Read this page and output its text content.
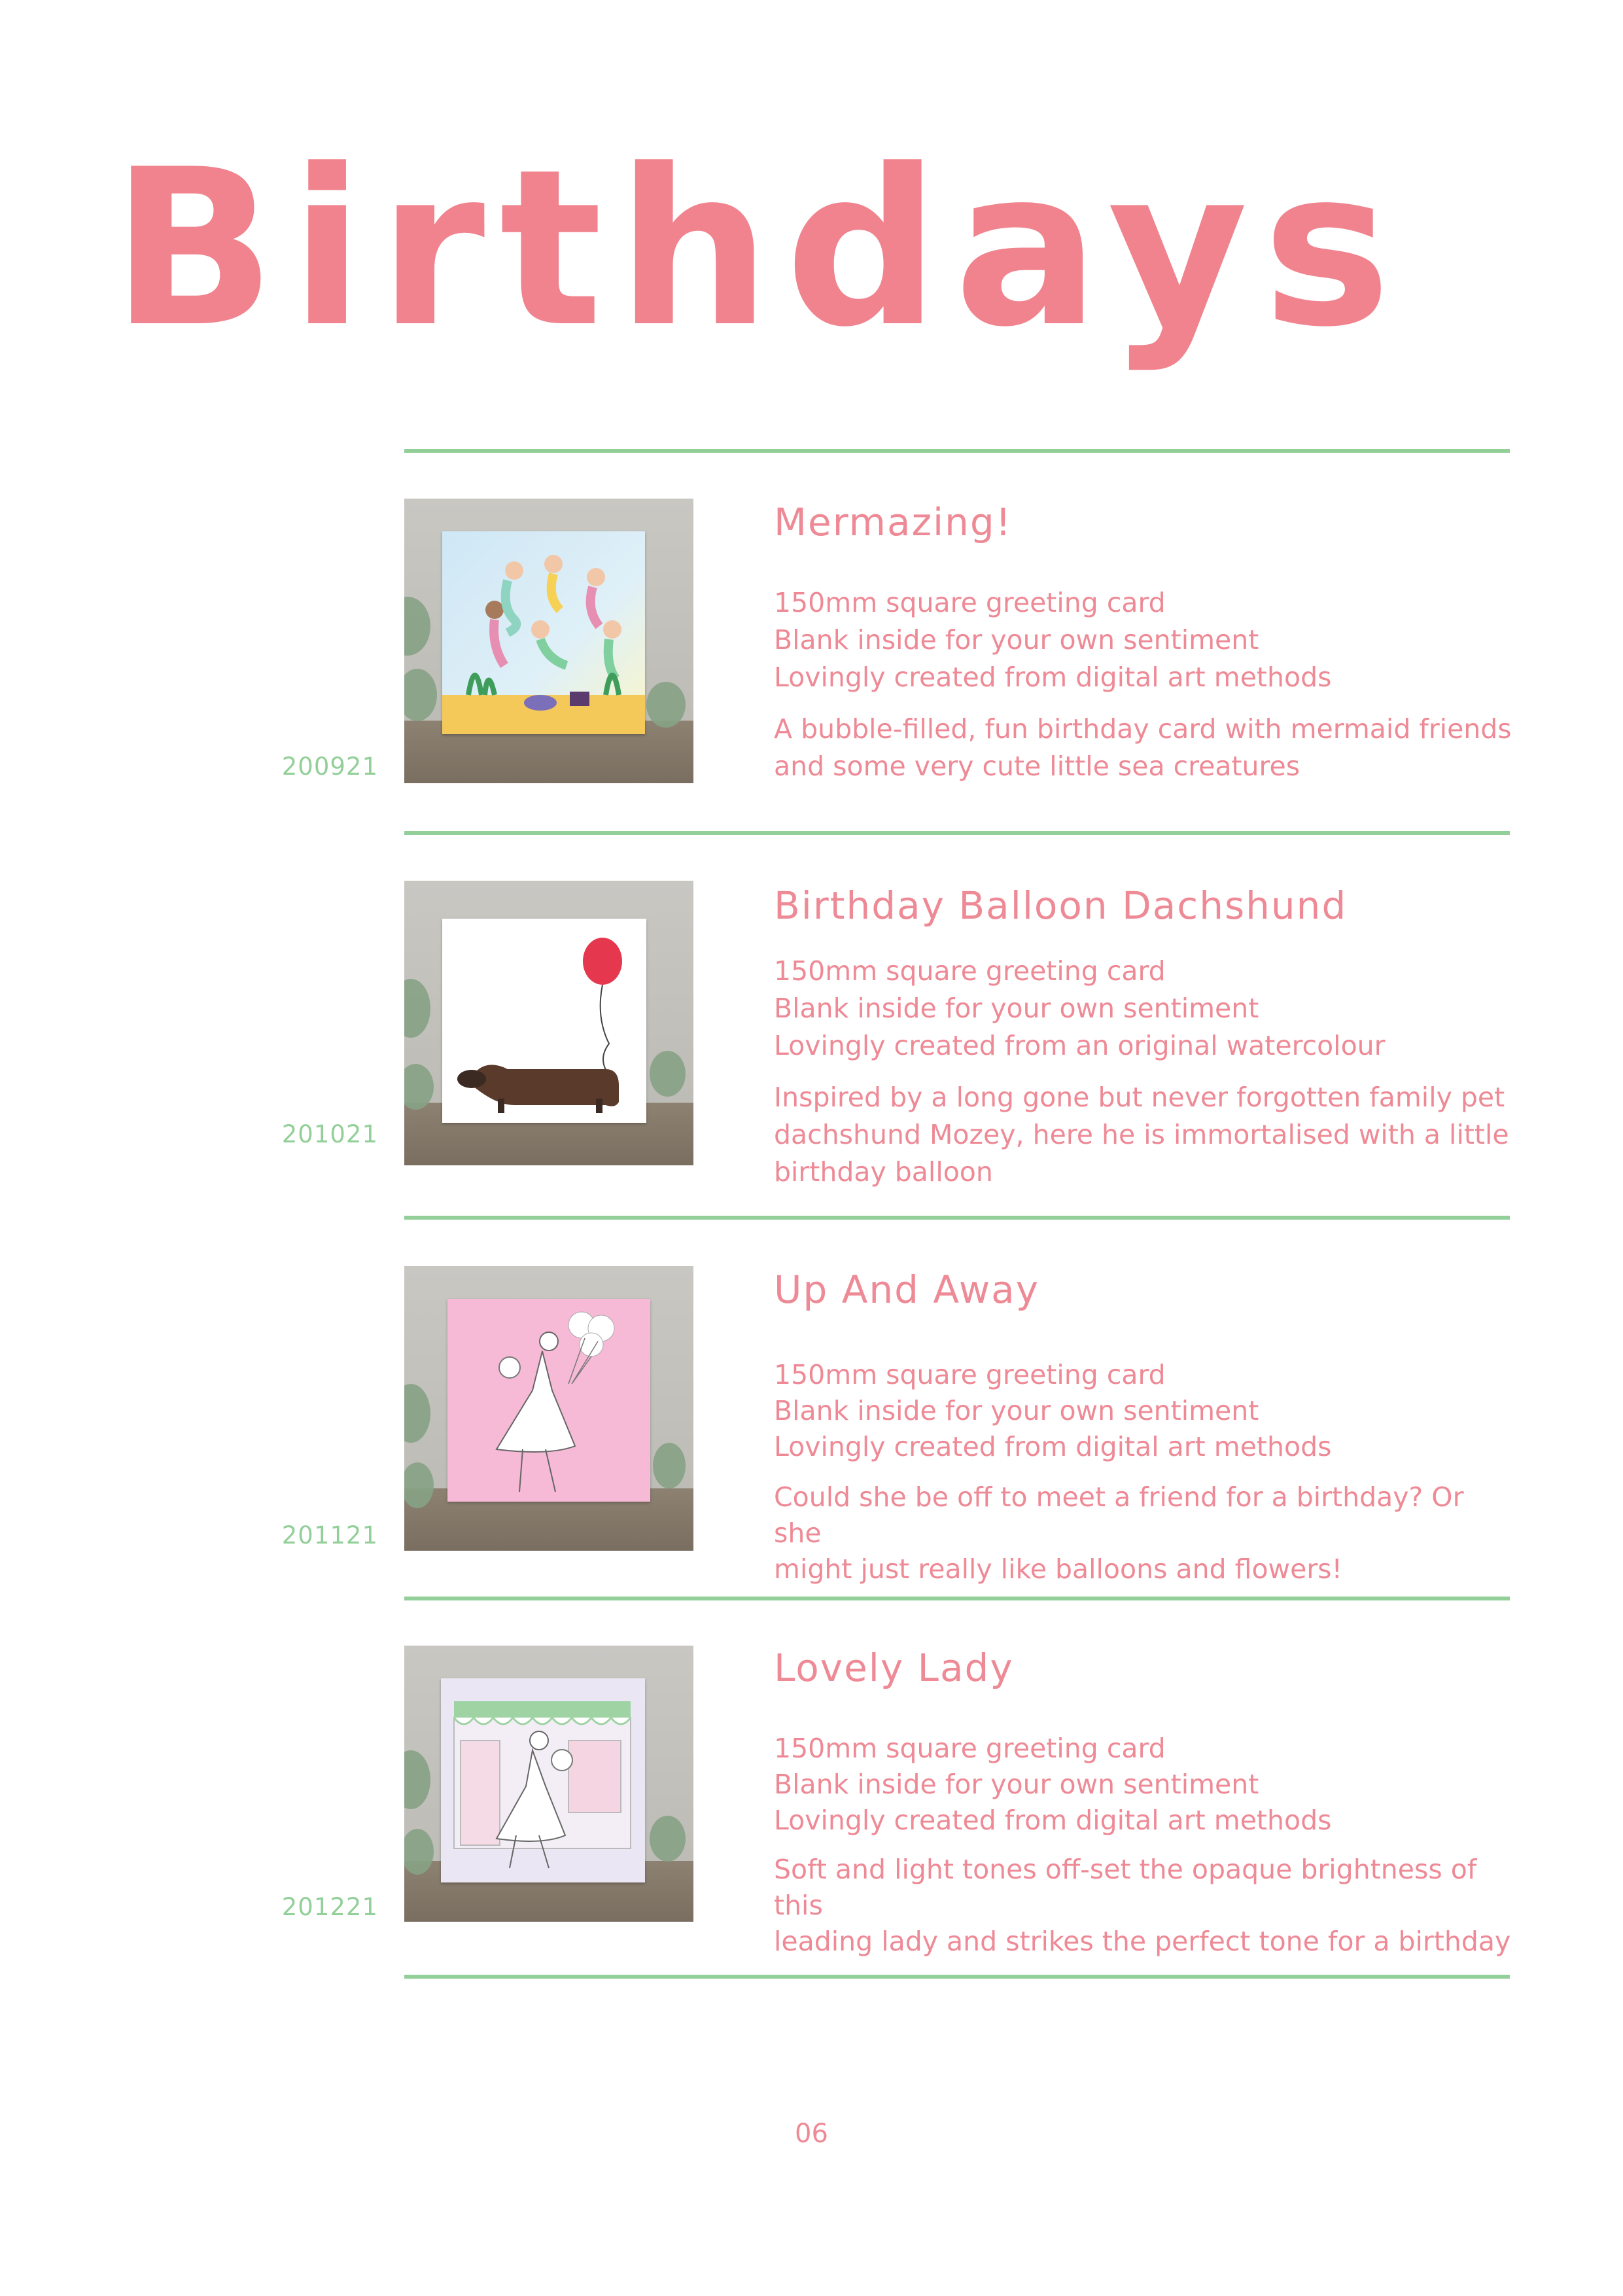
Birthdays
200921
Mermazing!
150mm square greeting card
Blank inside for your own sentiment
Lovingly created from digital art methods
A bubble-filled, fun birthday card with mermaid friends
and some very cute little sea creatures
201021
Birthday Balloon Dachshund
150mm square greeting card
Blank inside for your own sentiment
Lovingly created from an original watercolour
Inspired by a long gone but never forgotten family pet
dachshund Mozey, here he is immortalised with a little
birthday balloon
201121
Up And Away
150mm square greeting card
Blank inside for your own sentiment
Lovingly created from digital art methods
Could she be off to meet a friend for a birthday? Or she
might just really like balloons and flowers!
201221
Lovely Lady
150mm square greeting card
Blank inside for your own sentiment
Lovingly created from digital art methods
Soft and light tones off-set the opaque brightness of this
leading lady and strikes the perfect tone for a birthday
06
